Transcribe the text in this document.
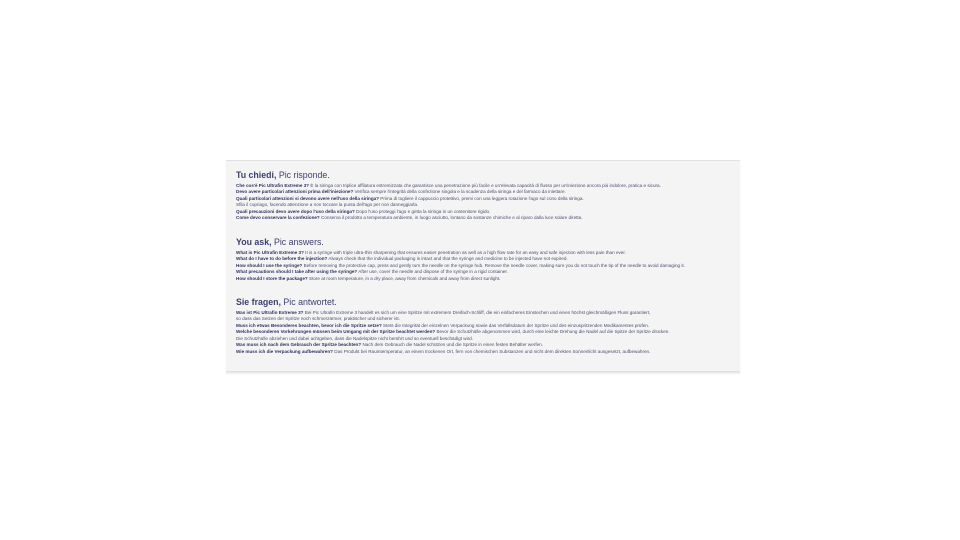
Tu chiedi, Pic risponde.
Che cos'è Pic Ultrafin Extreme 3? È la siringa con triplice affilatura estremizzata che garantisce una penetrazione più facile e un'elevata capacità di flusso per un'iniezione ancora più indolore, pratica e sicura.
Devo avere particolari attenzioni prima dell'iniezione? Verifica sempre l'integrità della confezione singola e la scadenza della siringa e del farmaco da iniettare.
Quali particolari attenzioni si devono avere nell'uso della siringa? Prima di togliere il cappuccio protettivo, premi con una leggera rotazione l'ago sul cono della siringa.
Sfila il copriago, facendo attenzione a non toccare la punta dell'ago per non danneggiarla.
Quali precauzioni devo avere dopo l'uso della siringa? Dopo l'uso proteggi l'ago e getta la siringa in un contenitore rigido.
Come devo conservare la confezione? Conserva il prodotto a temperatura ambiente, in luogo asciutto, lontano da sostanze chimiche e al riparo dalla luce solare diretta.
You ask, Pic answers.
What is Pic Ultrafin Extreme 3? It is a syringe with triple ultra-thin sharpening that ensures easier penetration as well as a high flow rate for an easy and safe injection with less pain than ever.
What do I have to do before the injection? Always check that the individual packaging is intact and that the syringe and medicine to be injected have not expired.
How should I use the syringe? Before removing the protective cap, press and gently turn the needle on the syringe hub. Remove the needle cover, making sure you do not touch the tip of the needle to avoid damaging it.
What precautions should I take after using the syringe? After use, cover the needle and dispose of the syringe in a rigid container.
How should I store the package? Store at room temperature, in a dry place, away from chemicals and away from direct sunlight.
Sie fragen, Pic antwortet.
Was ist Pic Ultrafin Extreme 3? Bei Pic Ultrafin Extreme 3 handelt es sich um eine Spritze mit extremem Dreifach-Schliff, die ein einfacheres Einstechen und einen höchst gleichmäßigen Fluss garantiert,
so dass das Setzen der Spritze noch schmerzärmer, praktischer und sicherer ist.
Muss ich etwas Besonderes beachten, bevor ich die Spritze setze? Stets die Integrität der einzelnen Verpackung sowie das Verfallsdatum der Spritze und des einzuspritzenden Medikamentes prüfen.
Welche besonderen Vorkehrungen müssen beim Umgang mit der Spritze beachtet werden? Bevor die Schutzhülle abgenommen wird, durch eine leichte Drehung die Nadel auf die Spitze der Spritze drücken.
Die Schutzhülle abziehen und dabei achtgeben, dass die Nadelspitze nicht berührt und so eventuell beschädigt wird.
Was muss ich nach dem Gebrauch der Spritze beachten? Nach dem Gebrauch die Nadel schützen und die Spritze in einen festen Behälter werfen.
Wie muss ich die Verpackung aufbewahren? Das Produkt bei Raumtemperatur, an einem trockenen Ort, fern von chemischen Substanzen und nicht dem direkten Sonnenlicht ausgesetzt, aufbewahren.
